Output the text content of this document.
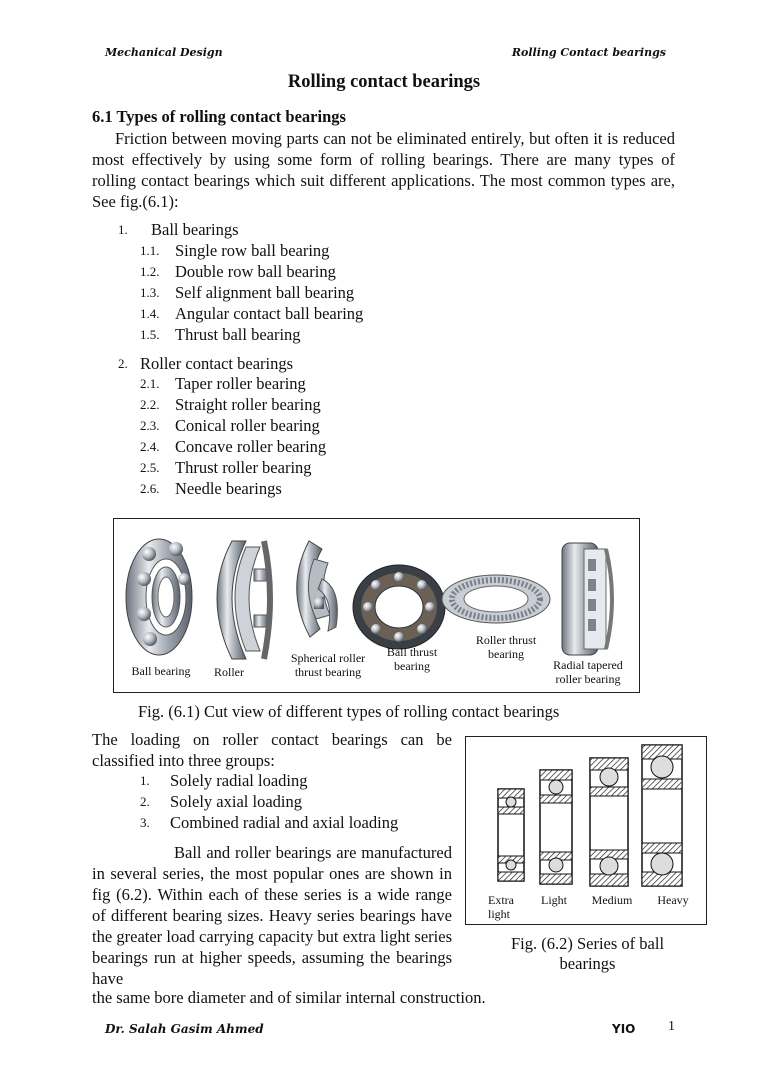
Mechanical Design	Rolling Contact bearings
Rolling contact bearings
6.1 Types of rolling contact bearings
Friction between moving parts can not be eliminated entirely, but often it is reduced most effectively by using some form of rolling bearings. There are many types of rolling contact bearings which suit different applications. The most common types are, See fig.(6.1):
1.	Ball bearings
1.1. Single row ball bearing
1.2. Double row ball bearing
1.3. Self alignment ball bearing
1.4. Angular contact ball bearing
1.5. Thrust ball bearing
2. Roller contact bearings
2.1. Taper roller bearing
2.2. Straight roller bearing
2.3. Conical roller bearing
2.4. Concave roller bearing
2.5. Thrust roller bearing
2.6. Needle bearings
Ball bearing	Roller
Spherical roller
thrust bearing
Ball thrust
bearing
Roller thrust
bearing
Radial tapered
roller bearing
Fig. (6.1) Cut view of different types of rolling contact bearings
The loading on roller contact bearings can be classified into three groups:
1.	Solely radial loading
2.	Solely axial loading
3.	Combined radial and axial loading
Ball and roller bearings are manufactured in several series, the most popular ones are shown in fig (6.2). Within each of these series is a wide range of different bearing sizes. Heavy series bearings have the greater load carrying capacity but extra light series bearings run at higher speeds, assuming the bearings have
the same bore diameter and of similar internal construction.
Extra
light
Light	Medium	Heavy
Fig. (6.2) Series of ball
bearings
Dr. Salah Gasim Ahmed	YIO 1
